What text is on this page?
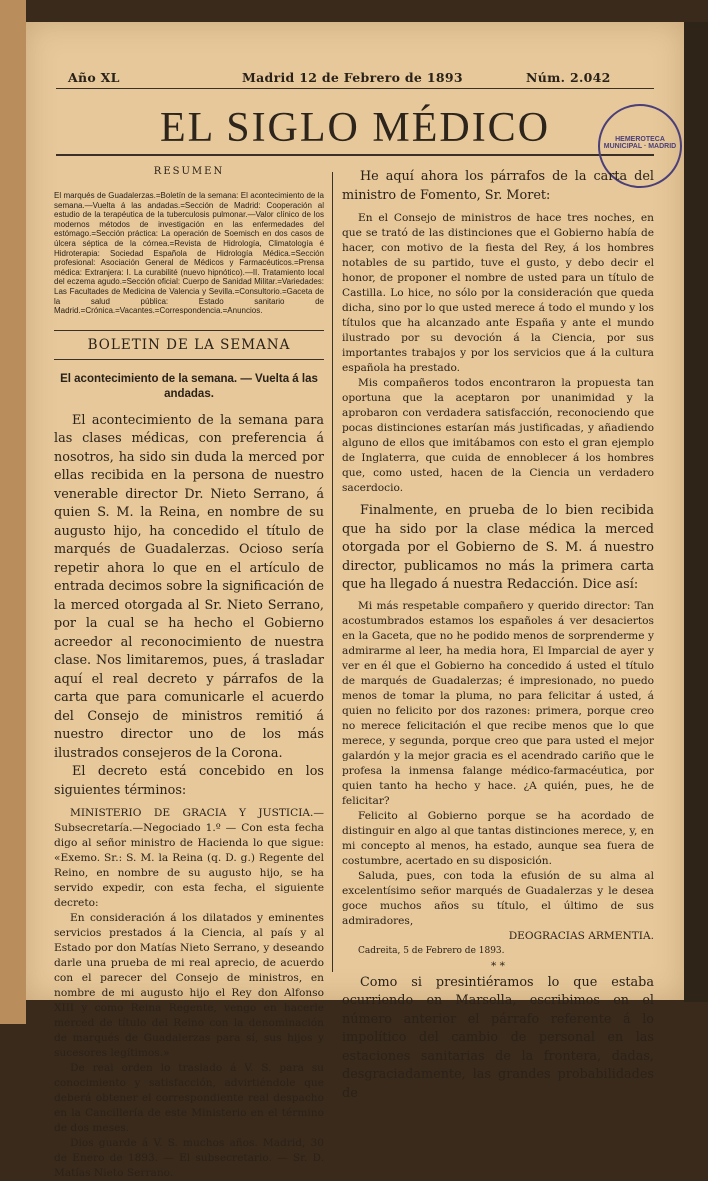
Año XL	Madrid 12 de Febrero de 1893	Núm. 2.042
EL SIGLO MÉDICO	HEMEROTECA MUNICIPAL · MADRID
RESUMEN
El marqués de Guadalerzas.=Boletín de la semana: El acontecimiento de la semana.—Vuelta á las andadas.=Sección de Madrid: Cooperación al estudio de la terapéutica de la tuberculosis pulmonar.—Valor clínico de los modernos métodos de investigación en las enfermedades del estómago.=Sección práctica: La operación de Soemisch en dos casos de úlcera séptica de la córnea.=Revista de Hidrología, Climatología é Hidroterapia: Sociedad Española de Hidrología Médica.=Sección profesional: Asociación General de Médicos y Farmacéuticos.=Prensa médica: Extranjera: I. La curabilité (nuevo hipnótico).—II. Tratamiento local del eczema agudo.=Sección oficial: Cuerpo de Sanidad Militar.=Variedades: Las Facultades de Medicina de Valencia y Sevilla.=Consultorio.=Gaceta de la salud pública: Estado sanitario de Madrid.=Crónica.=Vacantes.=Correspondencia.=Anuncios.
BOLETIN DE LA SEMANA
El acontecimiento de la semana. — Vuelta á las andadas.

El acontecimiento de la semana para las clases médicas, con preferencia á nosotros, ha sido sin duda la merced por ellas recibida en la persona de nuestro venerable director Dr. Nieto Serrano, á quien S. M. la Reina, en nombre de su augusto hijo, ha concedido el título de marqués de Guadalerzas. Ocioso sería repetir ahora lo que en el artículo de entrada decimos sobre la significación de la merced otorgada al Sr. Nieto Serrano, por la cual se ha hecho el Gobierno acreedor al reconocimiento de nuestra clase. Nos limitaremos, pues, á trasladar aquí el real decreto y párrafos de la carta que para comunicarle el acuerdo del Consejo de ministros remitió á nuestro director uno de los más ilustrados consejeros de la Corona.

El decreto está concebido en los siguientes términos:

MINISTERIO DE GRACIA Y JUSTICIA.—Subsecretaría.—Negociado 1.º — Con esta fecha digo al señor ministro de Hacienda lo que sigue: «Exemo. Sr.: S. M. la Reina (q. D. g.) Regente del Reino, en nombre de su augusto hijo, se ha servido expedir, con esta fecha, el siguiente decreto:

En consideración á los dilatados y eminentes servicios prestados á la Ciencia, al país y al Estado por don Matías Nieto Serrano, y deseando darle una prueba de mi real aprecio, de acuerdo con el parecer del Consejo de ministros, en nombre de mi augusto hijo el Rey don Alfonso XIII y como Reina Regente, vengo en hacerle merced de título del Reino con la denominación de marqués de Guadalerzas para sí, sus hijos y sucesores legítimos.»

De real orden lo traslado á V. S. para su conocimiento y satisfacción, advirtiéndole que deberá obtener el correspondiente real despacho en la Cancillería de este Ministerio en el término de dos meses.

Dios guarde á V. S. muchos años. Madrid, 30 de Enero de 1893. — El subsecretario. — Sr. D. Matías Nieto Serrano.

He aquí ahora los párrafos de la carta del ministro de Fomento, Sr. Moret:

En el Consejo de ministros de hace tres noches, en que se trató de las distinciones que el Gobierno había de hacer, con motivo de la fiesta del Rey, á los hombres notables de su partido, tuve el gusto, y debo decir el honor, de proponer el nombre de usted para un título de Castilla. Lo hice, no sólo por la consideración que queda dicha, sino por lo que usted merece á todo el mundo y los títulos que ha alcanzado ante España y ante el mundo ilustrado por su devoción á la Ciencia, por sus importantes trabajos y por los servicios que á la cultura española ha prestado.

Mis compañeros todos encontraron la propuesta tan oportuna que la aceptaron por unanimidad y la aprobaron con verdadera satisfacción, reconociendo que pocas distinciones estarían más justificadas, y añadiendo alguno de ellos que imitábamos con esto el gran ejemplo de Inglaterra, que cuida de ennoblecer á los hombres que, como usted, hacen de la Ciencia un verdadero sacerdocio.

Finalmente, en prueba de lo bien recibida que ha sido por la clase médica la merced otorgada por el Gobierno de S. M. á nuestro director, publicamos no más la primera carta que ha llegado á nuestra Redacción. Dice así:

Mi más respetable compañero y querido director: Tan acostumbrados estamos los españoles á ver desaciertos en la Gaceta, que no he podido menos de sorprenderme y admirarme al leer, ha media hora, El Imparcial de ayer y ver en él que el Gobierno ha concedido á usted el título de marqués de Guadalerzas; é impresionado, no puedo menos de tomar la pluma, no para felicitar á usted, á quien no felicito por dos razones: primera, porque creo no merece felicitación el que recibe menos que lo que merece, y segunda, porque creo que para usted el mejor galardón y la mejor gracia es el acendrado cariño que le profesa la inmensa falange médico-farmacéutica, por quien tanto ha hecho y hace. ¿A quién, pues, he de felicitar?

Felicito al Gobierno porque se ha acordado de distinguir en algo al que tantas distinciones merece, y, en mi concepto al menos, ha estado, aunque sea fuera de costumbre, acertado en su disposición.

Saluda, pues, con toda la efusión de su alma al excelentísimo señor marqués de Guadalerzas y le desea goce muchos años su título, el último de sus admiradores,

DEOGRACIAS ARMENTIA.

Cadreita, 5 de Febrero de 1893.

* *

Como si presintiéramos lo que estaba ocurriendo en Marsella, escribimos en el número anterior el párrafo referente á lo impolítico del cambio de personal en las estaciones sanitarias de la frontera, dadas, desgraciadamente, las grandes probabilidades de
